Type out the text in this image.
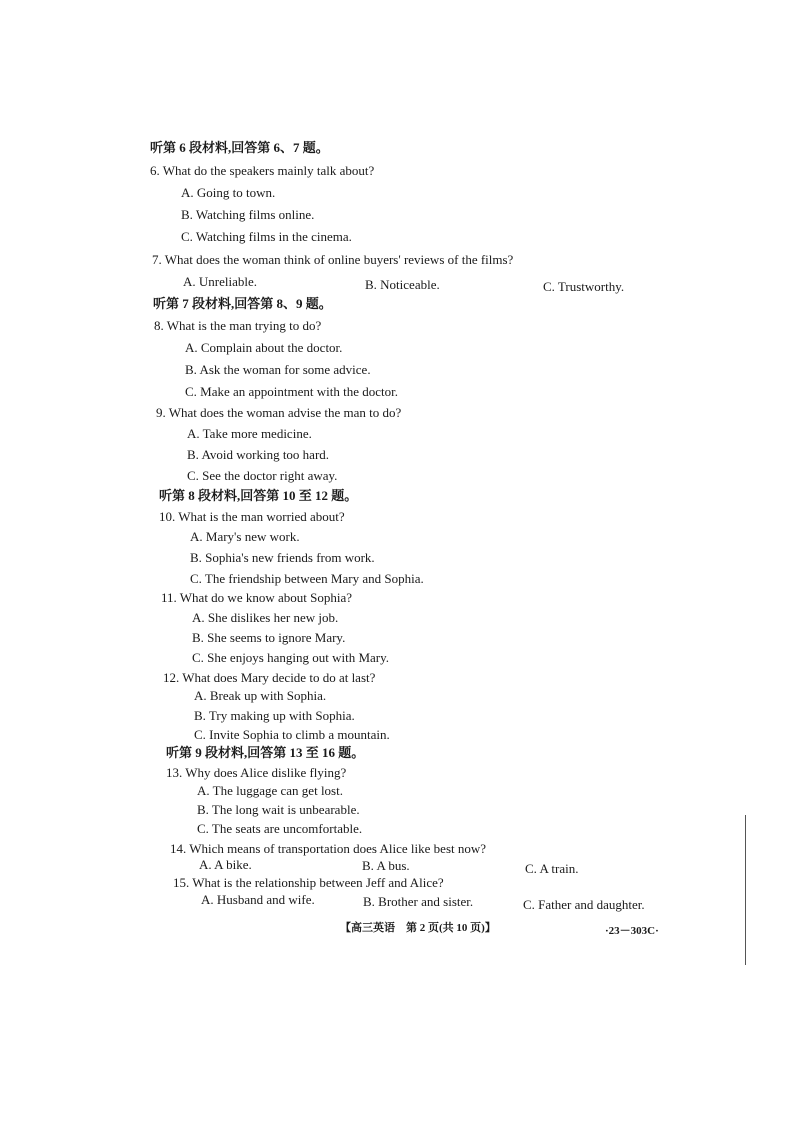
听第 6 段材料,回答第 6、7 题。
6. What do the speakers mainly talk about?
A. Going to town.
B. Watching films online.
C. Watching films in the cinema.
7. What does the woman think of online buyers' reviews of the films?
A. Unreliable.	B. Noticeable.	C. Trustworthy.
听第 7 段材料,回答第 8、9 题。
8. What is the man trying to do?
A. Complain about the doctor.
B. Ask the woman for some advice.
C. Make an appointment with the doctor.
9. What does the woman advise the man to do?
A. Take more medicine.
B. Avoid working too hard.
C. See the doctor right away.
听第 8 段材料,回答第 10 至 12 题。
10. What is the man worried about?
A. Mary's new work.
B. Sophia's new friends from work.
C. The friendship between Mary and Sophia.
11. What do we know about Sophia?
A. She dislikes her new job.
B. She seems to ignore Mary.
C. She enjoys hanging out with Mary.
12. What does Mary decide to do at last?
A. Break up with Sophia.
B. Try making up with Sophia.
C. Invite Sophia to climb a mountain.
听第 9 段材料,回答第 13 至 16 题。
13. Why does Alice dislike flying?
A. The luggage can get lost.
B. The long wait is unbearable.
C. The seats are uncomfortable.
14. Which means of transportation does Alice like best now?
A. A bike.	B. A bus.	C. A train.
15. What is the relationship between Jeff and Alice?
A. Husband and wife.	B. Brother and sister.	C. Father and daughter.
【高三英语　第 2 页(共 10 页)】	·23－303C·
